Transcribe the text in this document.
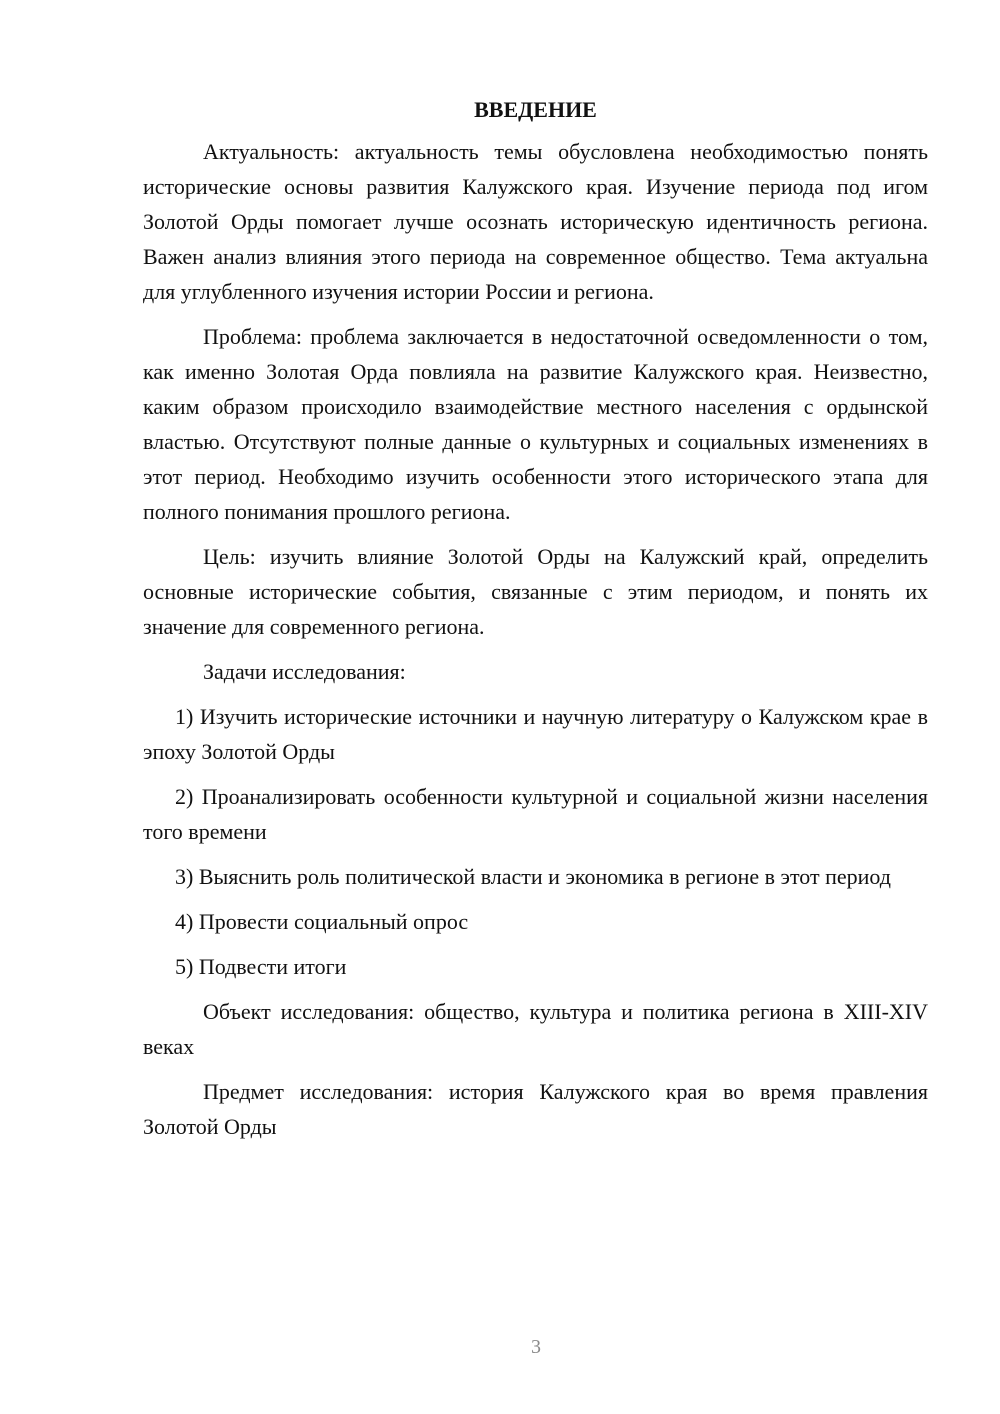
ВВЕДЕНИЕ

Актуальность: актуальность темы обусловлена необходимостью понять исторические основы развития Калужского края. Изучение периода под игом Золотой Орды помогает лучше осознать историческую идентичность региона. Важен анализ влияния этого периода на современное общество. Тема актуальна для углубленного изучения истории России и региона.

Проблема: проблема заключается в недостаточной осведомленности о том, как именно Золотая Орда повлияла на развитие Калужского края. Неизвестно, каким образом происходило взаимодействие местного населения с ордынской властью. Отсутствуют полные данные о культурных и социальных изменениях в этот период. Необходимо изучить особенности этого исторического этапа для полного понимания прошлого региона.

Цель: изучить влияние Золотой Орды на Калужский край, определить основные исторические события, связанные с этим периодом, и понять их значение для современного региона.

Задачи исследования:

1) Изучить исторические источники и научную литературу о Калужском крае в эпоху Золотой Орды

2) Проанализировать особенности культурной и социальной жизни населения того времени

3) Выяснить роль политической власти и экономика в регионе в этот период

4) Провести социальный опрос

5) Подвести итоги

Объект исследования: общество, культура и политика региона в XIII-XIV веках

Предмет исследования: история Калужского края во время правления Золотой Орды

3
